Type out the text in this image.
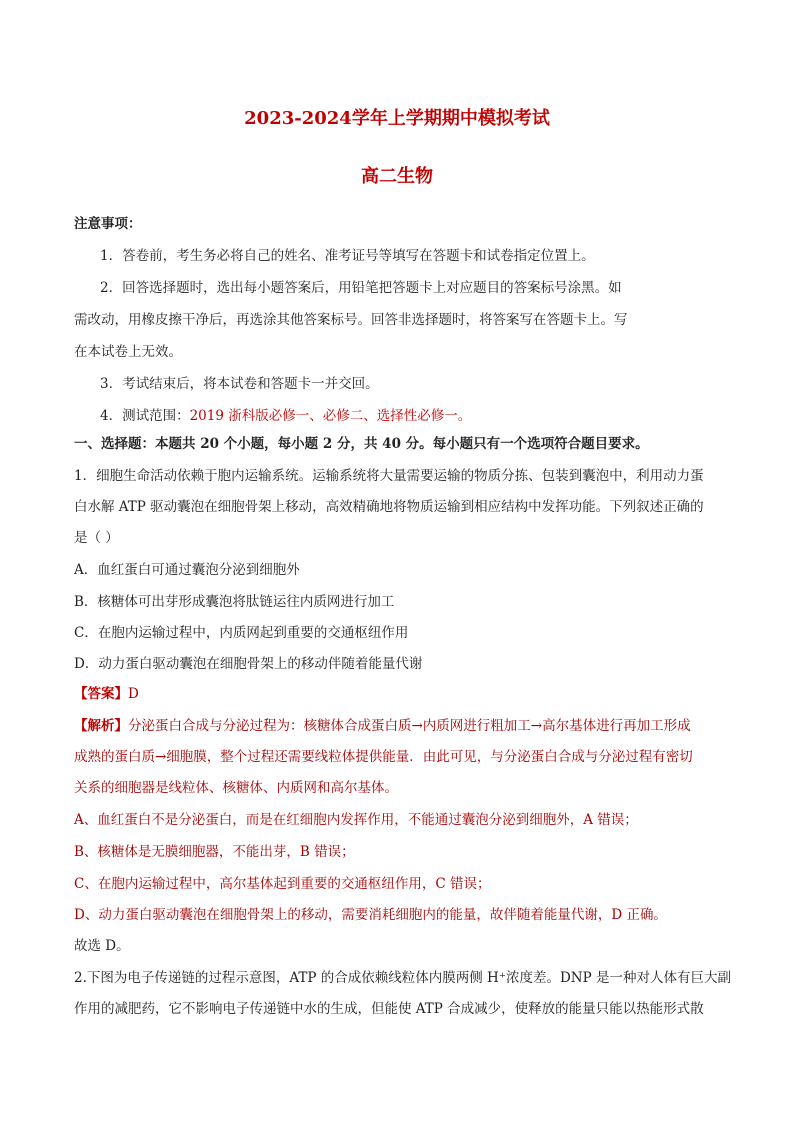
2023-2024学年上学期期中模拟考试
高二生物
注意事项：
1．答卷前，考生务必将自己的姓名、准考证号等填写在答题卡和试卷指定位置上。
2．回答选择题时，选出每小题答案后，用铅笔把答题卡上对应题目的答案标号涂黑。如
需改动，用橡皮擦干净后，再选涂其他答案标号。回答非选择题时，将答案写在答题卡上。写
在本试卷上无效。
3．考试结束后，将本试卷和答题卡一并交回。
4．测试范围：2019 浙科版必修一、必修二、选择性必修一。
一、选择题：本题共 20 个小题，每小题 2 分，共 40 分。每小题只有一个选项符合题目要求。
1．细胞生命活动依赖于胞内运输系统。运输系统将大量需要运输的物质分拣、包装到囊泡中，利用动力蛋
白水解 ATP 驱动囊泡在细胞骨架上移动，高效精确地将物质运输到相应结构中发挥功能。下列叙述正确的
是（ ）
A．血红蛋白可通过囊泡分泌到细胞外
B．核糖体可出芽形成囊泡将肽链运往内质网进行加工
C．在胞内运输过程中，内质网起到重要的交通枢纽作用
D．动力蛋白驱动囊泡在细胞骨架上的移动伴随着能量代谢
【答案】D
【解析】分泌蛋白合成与分泌过程为：核糖体合成蛋白质→内质网进行粗加工→高尔基体进行再加工形成
成熟的蛋白质→细胞膜，整个过程还需要线粒体提供能量．由此可见，与分泌蛋白合成与分泌过程有密切
关系的细胞器是线粒体、核糖体、内质网和高尔基体。
A、血红蛋白不是分泌蛋白，而是在红细胞内发挥作用，不能通过囊泡分泌到细胞外，A 错误；
B、核糖体是无膜细胞器，不能出芽，B 错误；
C、在胞内运输过程中，高尔基体起到重要的交通枢纽作用，C 错误；
D、动力蛋白驱动囊泡在细胞骨架上的移动，需要消耗细胞内的能量，故伴随着能量代谢，D 正确。
故选 D。
2.下图为电子传递链的过程示意图，ATP 的合成依赖线粒体内膜两侧 H⁺浓度差。DNP 是一种对人体有巨大副
作用的减肥药，它不影响电子传递链中水的生成，但能使 ATP 合成减少，使释放的能量只能以热能形式散
